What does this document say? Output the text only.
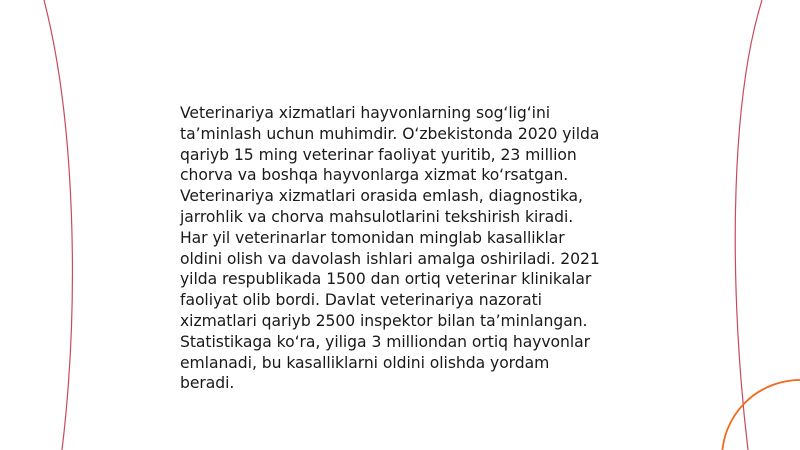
Veterinariya xizmatlari hayvonlarning sog‘lig‘ini
ta’minlash uchun muhimdir. O‘zbekistonda 2020 yilda
qariyb 15 ming veterinar faoliyat yuritib, 23 million
chorva va boshqa hayvonlarga xizmat ko‘rsatgan.
Veterinariya xizmatlari orasida emlash, diagnostika,
jarrohlik va chorva mahsulotlarini tekshirish kiradi.
Har yil veterinarlar tomonidan minglab kasalliklar
oldini olish va davolash ishlari amalga oshiriladi. 2021
yilda respublikada 1500 dan ortiq veterinar klinikalar
faoliyat olib bordi. Davlat veterinariya nazorati
xizmatlari qariyb 2500 inspektor bilan ta’minlangan.
Statistikaga ko‘ra, yiliga 3 milliondan ortiq hayvonlar
emlanadi, bu kasalliklarni oldini olishda yordam
beradi.
